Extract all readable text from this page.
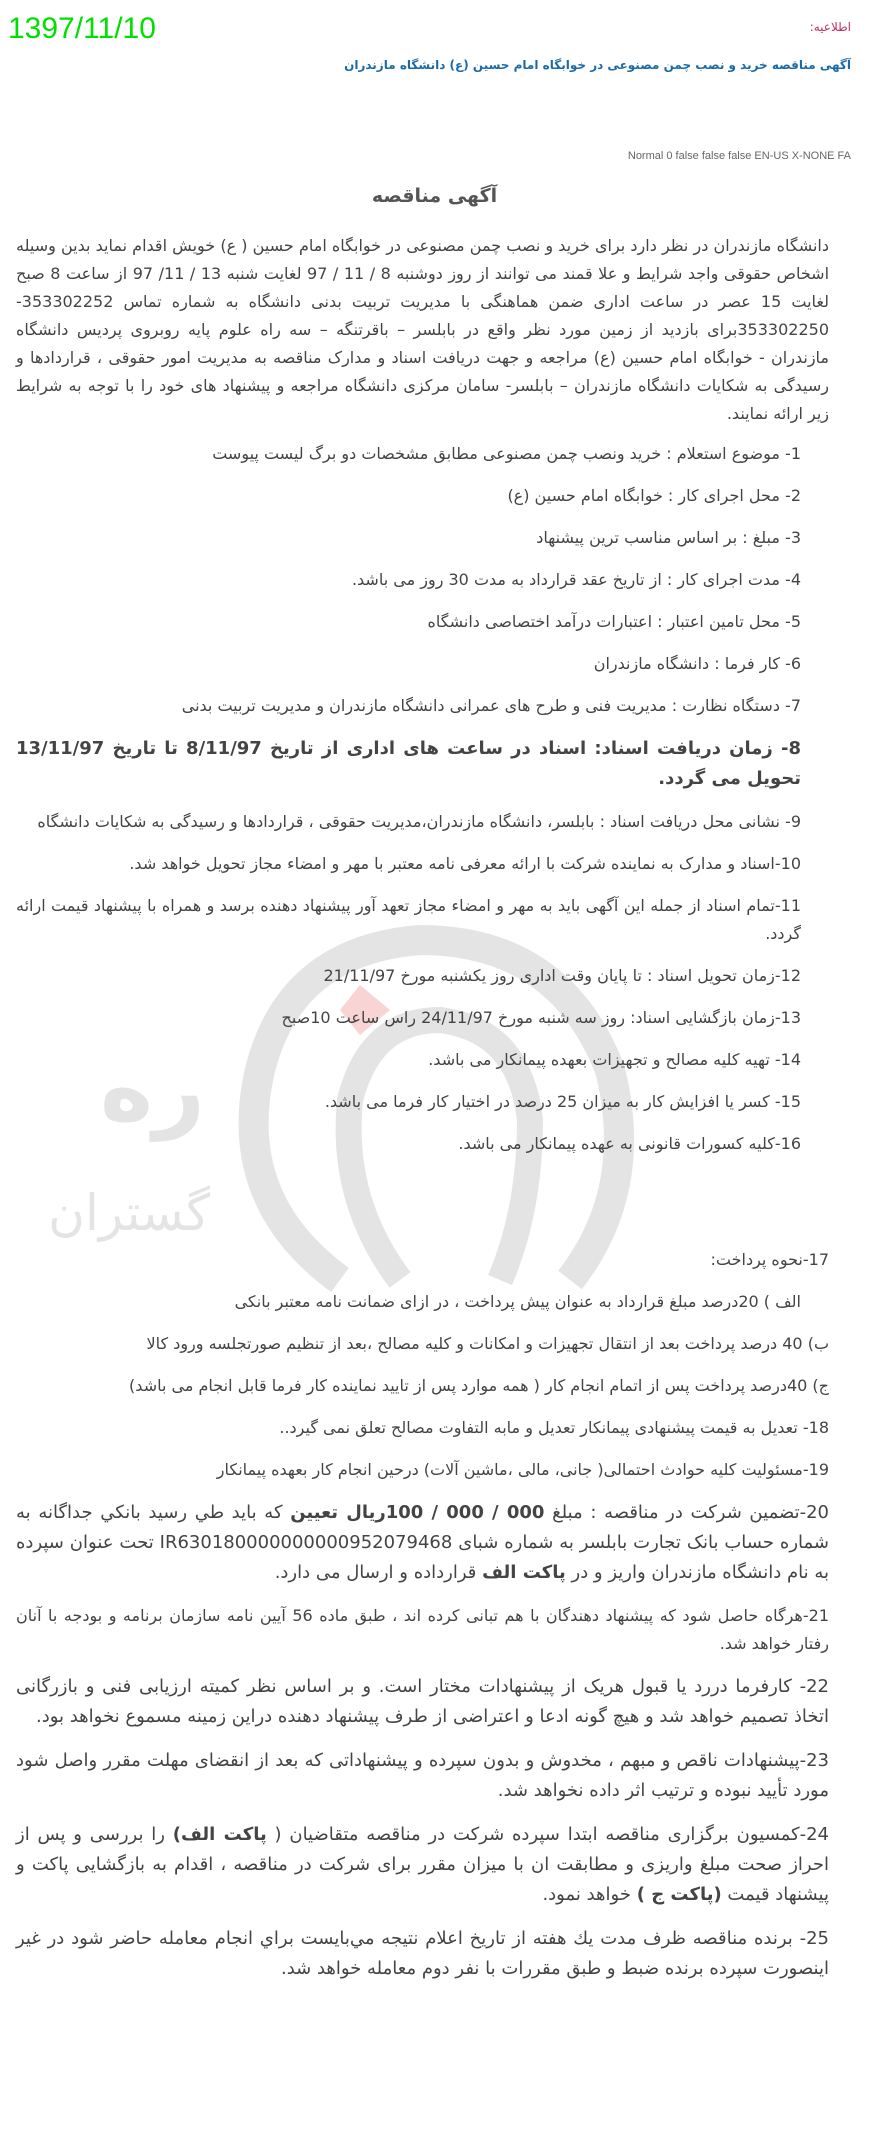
1397/11/10	اطلاعیه:
آگهی مناقصه خرید و نصب چمن مصنوعی در خوابگاه امام حسین (ع) دانشگاه مازندران
Normal 0 false false false EN-US X-NONE FA
آگهی مناقصه
ره
گستران

دانشگاه مازندران در نظر دارد برای خرید و نصب چمن مصنوعی در خوابگاه امام حسین ( ع) خویش اقدام نماید بدین وسیله اشخاص حقوقی واجد شرایط و علا قمند می توانند از روز دوشنبه 8 / 11 / 97 لغایت شنبه 13 / 11/ 97 از ساعت 8 صبح لغایت 15 عصر در ساعت اداری ضمن هماهنگی با مدیریت تربیت بدنی دانشگاه به شماره تماس 353302252- 353302250برای بازدید از زمین مورد نظر واقع در بابلسر – باقرتنگه – سه راه علوم پایه روبروی پردیس دانشگاه مازندران - خوابگاه امام حسین (ع) مراجعه و جهت دریافت اسناد و مدارک مناقصه به مدیریت امور حقوقی ، قراردادها و رسیدگی به شکایات دانشگاه مازندران – بابلسر- سامان مرکزی دانشگاه مراجعه و پیشنهاد های خود را با توجه به شرایط زیر ارائه نمایند.

1- موضوع استعلام : خرید ونصب چمن مصنوعی مطابق مشخصات دو برگ لیست پیوست

2- محل اجرای کار : خوابگاه امام حسین (ع)

3- مبلغ : بر اساس مناسب ترین پیشنهاد

4- مدت اجرای کار : از تاریخ عقد قرارداد به مدت 30 روز می باشد.

5- محل تامین اعتبار : اعتبارات درآمد اختصاصی دانشگاه

6- کار فرما : دانشگاه مازندران

7- دستگاه نظارت : مدیریت فنی و طرح های عمرانی دانشگاه مازندران و مدیریت تربیت بدنی

8- زمان دریافت اسناد: اسناد در ساعت های اداری از تاریخ 8/11/97 تا تاریخ 13/11/97 تحویل می گردد.

9- نشانی محل دریافت اسناد : بابلسر، دانشگاه مازندران،مدیریت حقوقی ، قراردادها و رسیدگی به شکایات دانشگاه

10-اسناد و مدارک به نماینده شرکت با ارائه معرفی نامه معتبر با مهر و امضاء مجاز تحویل خواهد شد.

11-تمام اسناد از جمله این آگهی باید به مهر و امضاء مجاز تعهد آور پیشنهاد دهنده برسد و همراه با پیشنهاد قیمت ارائه گردد.

12-زمان تحویل اسناد : تا پایان وقت اداری روز یکشنبه مورخ 21/11/97

13-زمان بازگشایی اسناد: روز سه شنبه مورخ 24/11/97 راس ساعت 10صبح

14- تهیه کلیه مصالح و تجهیزات بعهده پیمانکار می باشد.

15- کسر یا افزایش کار به میزان 25 درصد در اختیار کار فرما می باشد.

16-کلیه کسورات قانونی به عهده پیمانکار می باشد.

17-نحوه پرداخت:

الف ) 20درصد مبلغ قرارداد به عنوان پیش پرداخت ، در ازای ضمانت نامه معتبر بانکی

ب) 40 درصد پرداخت بعد از انتقال تجهیزات و امکانات و کلیه مصالح ،بعد از تنظیم صورتجلسه ورود کالا

ج) 40درصد پرداخت پس از اتمام انجام کار ( همه موارد پس از تایید نماینده کار فرما قابل انجام می باشد)

18- تعدیل به قیمت پیشنهادی پیمانکار تعدیل و مابه التفاوت مصالح تعلق نمی گیرد..

19-مسئولیت کلیه حوادث احتمالی( جانی، مالی ،ماشین آلات) درحین انجام کار بعهده پیمانکار

20-تضمین شرکت در مناقصه : مبلغ 000 / 000 / 100ریال تعیین که باید طي رسید بانكي جداگانه به شماره حساب بانک تجارت بابلسر به شماره شبای IR630180000000000952079468 تحت عنوان سپرده به نام دانشگاه مازندران واریز و در پاکت الف قرارداده و ارسال می دارد.

21-هرگاه حاصل شود که پیشنهاد دهندگان با هم تبانی کرده اند ، طبق ماده 56 آیین نامه سازمان برنامه و بودجه با آنان رفتار خواهد شد.

22- کارفرما دررد یا قبول هریک از پیشنهادات مختار است. و بر اساس نظر کمیته ارزیابی فنی و بازرگانی اتخاذ تصمیم خواهد شد و هیچ گونه ادعا و اعتراضی از طرف پیشنهاد دهنده دراین زمینه مسموع نخواهد بود.

23-پیشنهادات ناقص و مبهم ، مخدوش و بدون سپرده و پیشنهاداتی که بعد از انقضای مهلت مقرر واصل شود مورد تأیید نبوده و ترتیب اثر داده نخواهد شد.

24-کمسیون برگزاری مناقصه ابتدا سپرده شرکت در مناقصه متقاضیان ( پاکت الف) را بررسی و پس از احراز صحت مبلغ واریزی و مطابقت ان با میزان مقرر برای شرکت در مناقصه ، اقدام به بازگشایی پاکت و پیشنهاد قیمت (پاکت ج ) خواهد نمود.

25- برنده مناقصه ظرف مدت يك هفته از تاريخ اعلام نتيجه مي‌بايست براي انجام معامله حاضر شود در غير اينصورت سپرده برنده ضبط و طبق مقررات با نفر دوم معامله خواهد شد.
